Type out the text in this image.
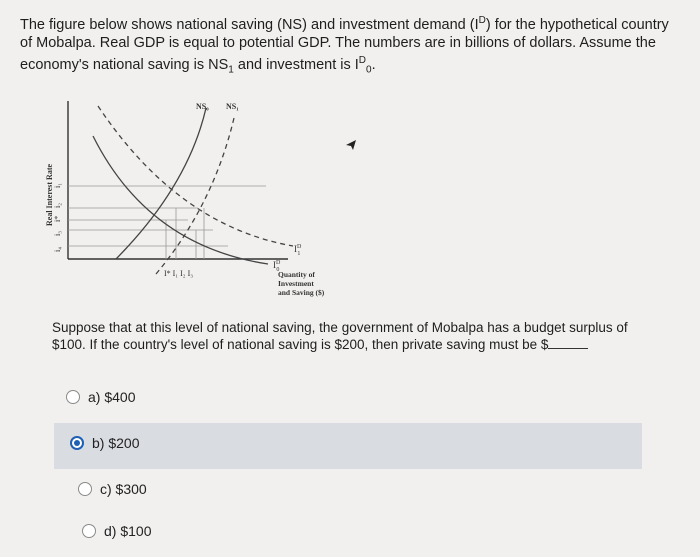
The figure below shows national saving (NS) and investment demand $(I^D)$ for the hypothetical country of Mobalpa. Real GDP is equal to potential GDP. The numbers are in billions of dollars. Assume the economy's national saving is $NS_1$ and investment is $I^D_0$.
Real Interest Rate i₁
i₂
i*
i₃
i₄
NS₀ NS₁
$I^D$ 1
$I^D$ 0
I* I₁ I₂ I₃	Quantity of
Investment
and Saving ($)
Suppose that at this level of national saving, the government of Mobalpa has a budget surplus of $100. If the country's level of national saving is $200, then private saving must be $
a) $400
b) $200
c) $300
d) $100
